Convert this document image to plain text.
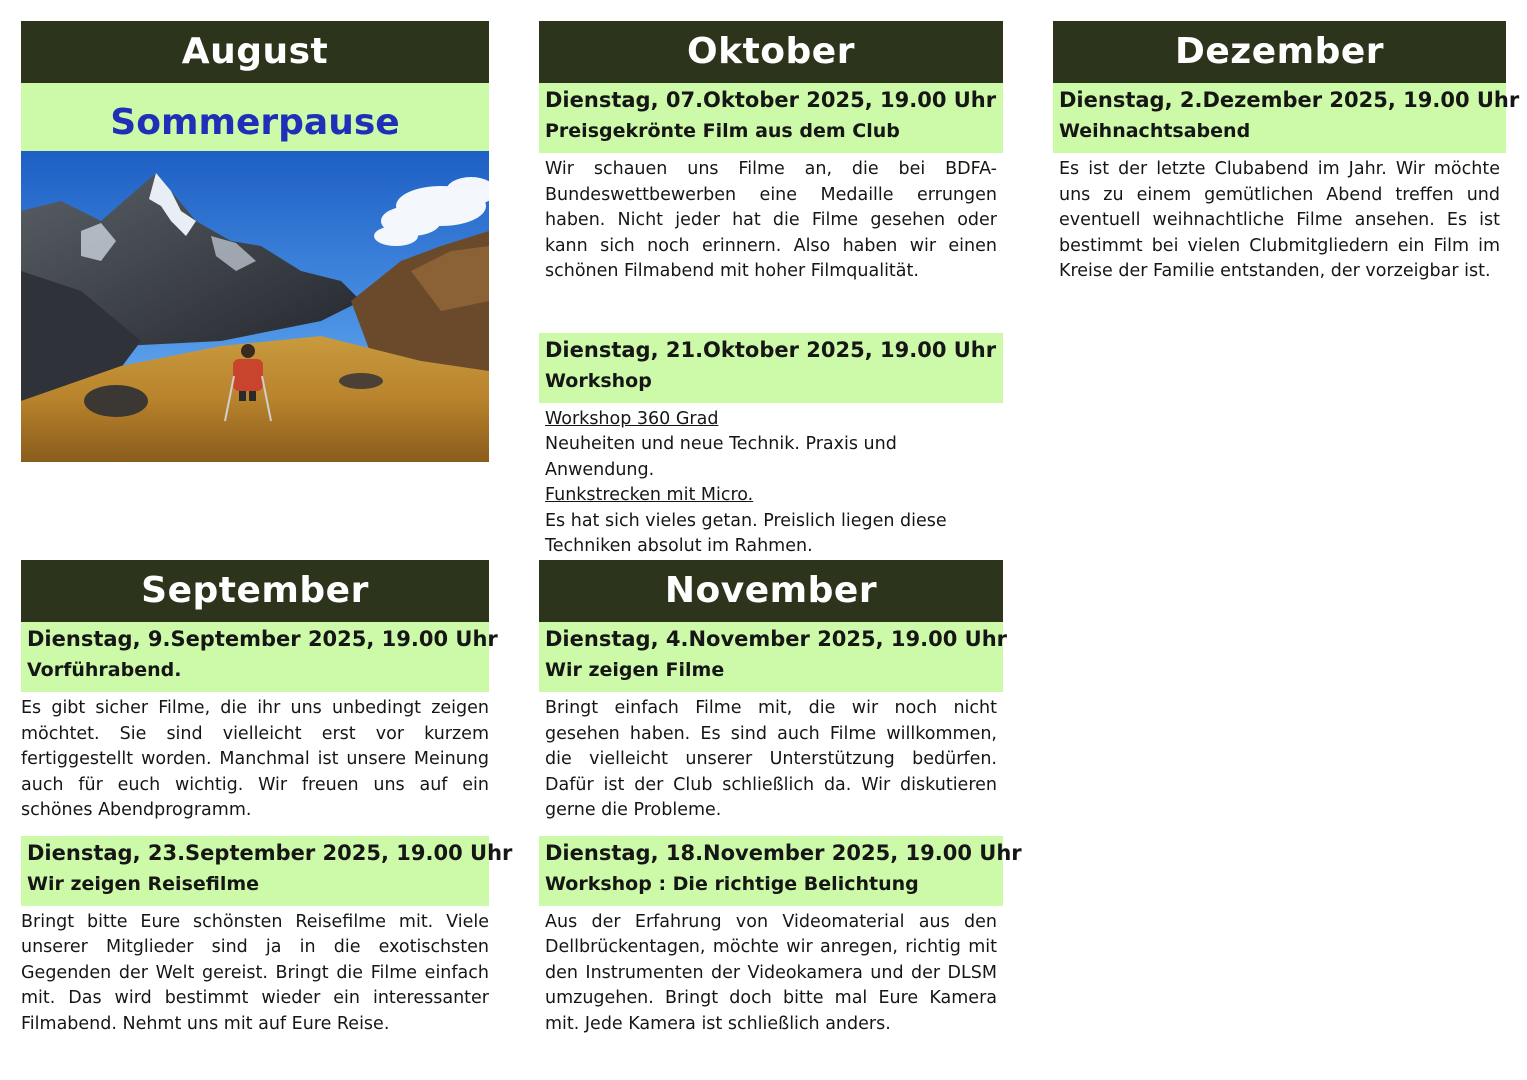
August
Sommerpause
September
Dienstag, 9.September 2025, 19.00 Uhr
Vorführabend.

Es gibt sicher Filme, die ihr uns unbedingt zeigen möchtet. Sie sind vielleicht erst vor kurzem fertiggestellt worden. Manchmal ist unsere Meinung auch für euch wichtig. Wir freuen uns auf ein schönes Abendprogramm.

Dienstag, 23.September 2025, 19.00 Uhr
Wir zeigen Reisefilme

Bringt bitte Eure schönsten Reisefilme mit. Viele unserer Mitglieder sind ja in die exotischsten Gegenden der Welt gereist. Bringt die Filme einfach mit. Das wird bestimmt wieder ein interessanter Filmabend. Nehmt uns mit auf Eure Reise.

Oktober
Dienstag, 07.Oktober 2025, 19.00 Uhr
Preisgekrönte Film aus dem Club

Wir schauen uns Filme an, die bei BDFA-Bundeswettbewerben eine Medaille errungen haben. Nicht jeder hat die Filme gesehen oder kann sich noch erinnern. Also haben wir einen schönen Filmabend mit hoher Filmqualität.

Dienstag, 21.Oktober 2025, 19.00 Uhr
Workshop

Workshop 360 Grad

Neuheiten und neue Technik. Praxis und Anwendung.

Funkstrecken mit Micro.

Es hat sich vieles getan. Preislich liegen diese Techniken absolut im Rahmen.

November
Dienstag, 4.November 2025, 19.00 Uhr
Wir zeigen Filme

Bringt einfach Filme mit, die wir noch nicht gesehen haben. Es sind auch Filme willkommen, die vielleicht unserer Unterstützung bedürfen. Dafür ist der Club schließlich da. Wir diskutieren gerne die Probleme.

Dienstag, 18.November 2025, 19.00 Uhr
Workshop : Die richtige Belichtung

Aus der Erfahrung von Videomaterial aus den Dellbrückentagen, möchte wir anregen, richtig mit den Instrumenten der Videokamera und der DLSM umzugehen. Bringt doch bitte mal Eure Kamera mit. Jede Kamera ist schließlich anders.

Dezember
Dienstag, 2.Dezember 2025, 19.00 Uhr
Weihnachtsabend

Es ist der letzte Clubabend im Jahr. Wir möchte uns zu einem gemütlichen Abend treffen und eventuell weihnachtliche Filme ansehen. Es ist bestimmt bei vielen Clubmitgliedern ein Film im Kreise der Familie entstanden, der vorzeigbar ist.
